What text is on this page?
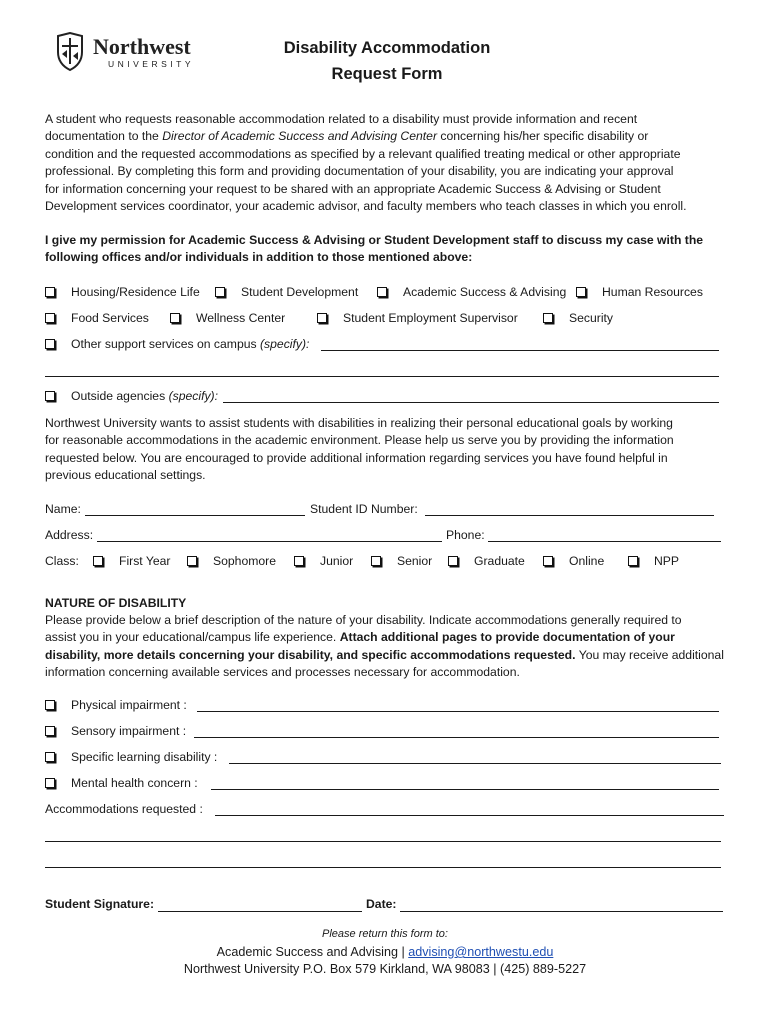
Northwest
UNIVERSITY
Disability Accommodation
Request Form
A student who requests reasonable accommodation related to a disability must provide information and recent
documentation to the Director of Academic Success and Advising Center concerning his/her specific disability or
condition and the requested accommodations as specified by a relevant qualified treating medical or other appropriate
professional. By completing this form and providing documentation of your disability, you are indicating your approval
for information concerning your request to be shared with an appropriate Academic Success & Advising or Student
Development services coordinator, your academic advisor, and faculty members who teach classes in which you enroll.
I give my permission for Academic Success & Advising or Student Development staff to discuss my case with the
following offices and/or individuals in addition to those mentioned above:
Housing/Residence Life	Student Development	Academic Success & Advising	Human Resources
Food Services	Wellness Center	Student Employment Supervisor	Security
Other support services on campus (specify):
Outside agencies (specify):
Northwest University wants to assist students with disabilities in realizing their personal educational goals by working
for reasonable accommodations in the academic environment. Please help us serve you by providing the information
requested below. You are encouraged to provide additional information regarding services you have found helpful in
previous educational settings.
Name:	Student ID Number:
Address:	Phone:
Class:	First Year	Sophomore	Junior	Senior	Graduate	Online	NPP
NATURE OF DISABILITY
Please provide below a brief description of the nature of your disability. Indicate accommodations generally required to
assist you in your educational/campus life experience. Attach additional pages to provide documentation of your
disability, more details concerning your disability, and specific accommodations requested. You may receive additional
information concerning available services and processes necessary for accommodation.
Physical impairment :
Sensory impairment :
Specific learning disability :
Mental health concern :
Accommodations requested :
Student Signature:	Date:
Please return this form to:
Academic Success and Advising | advising@northwestu.edu
Northwest University P.O. Box 579 Kirkland, WA 98083 | (425) 889-5227
